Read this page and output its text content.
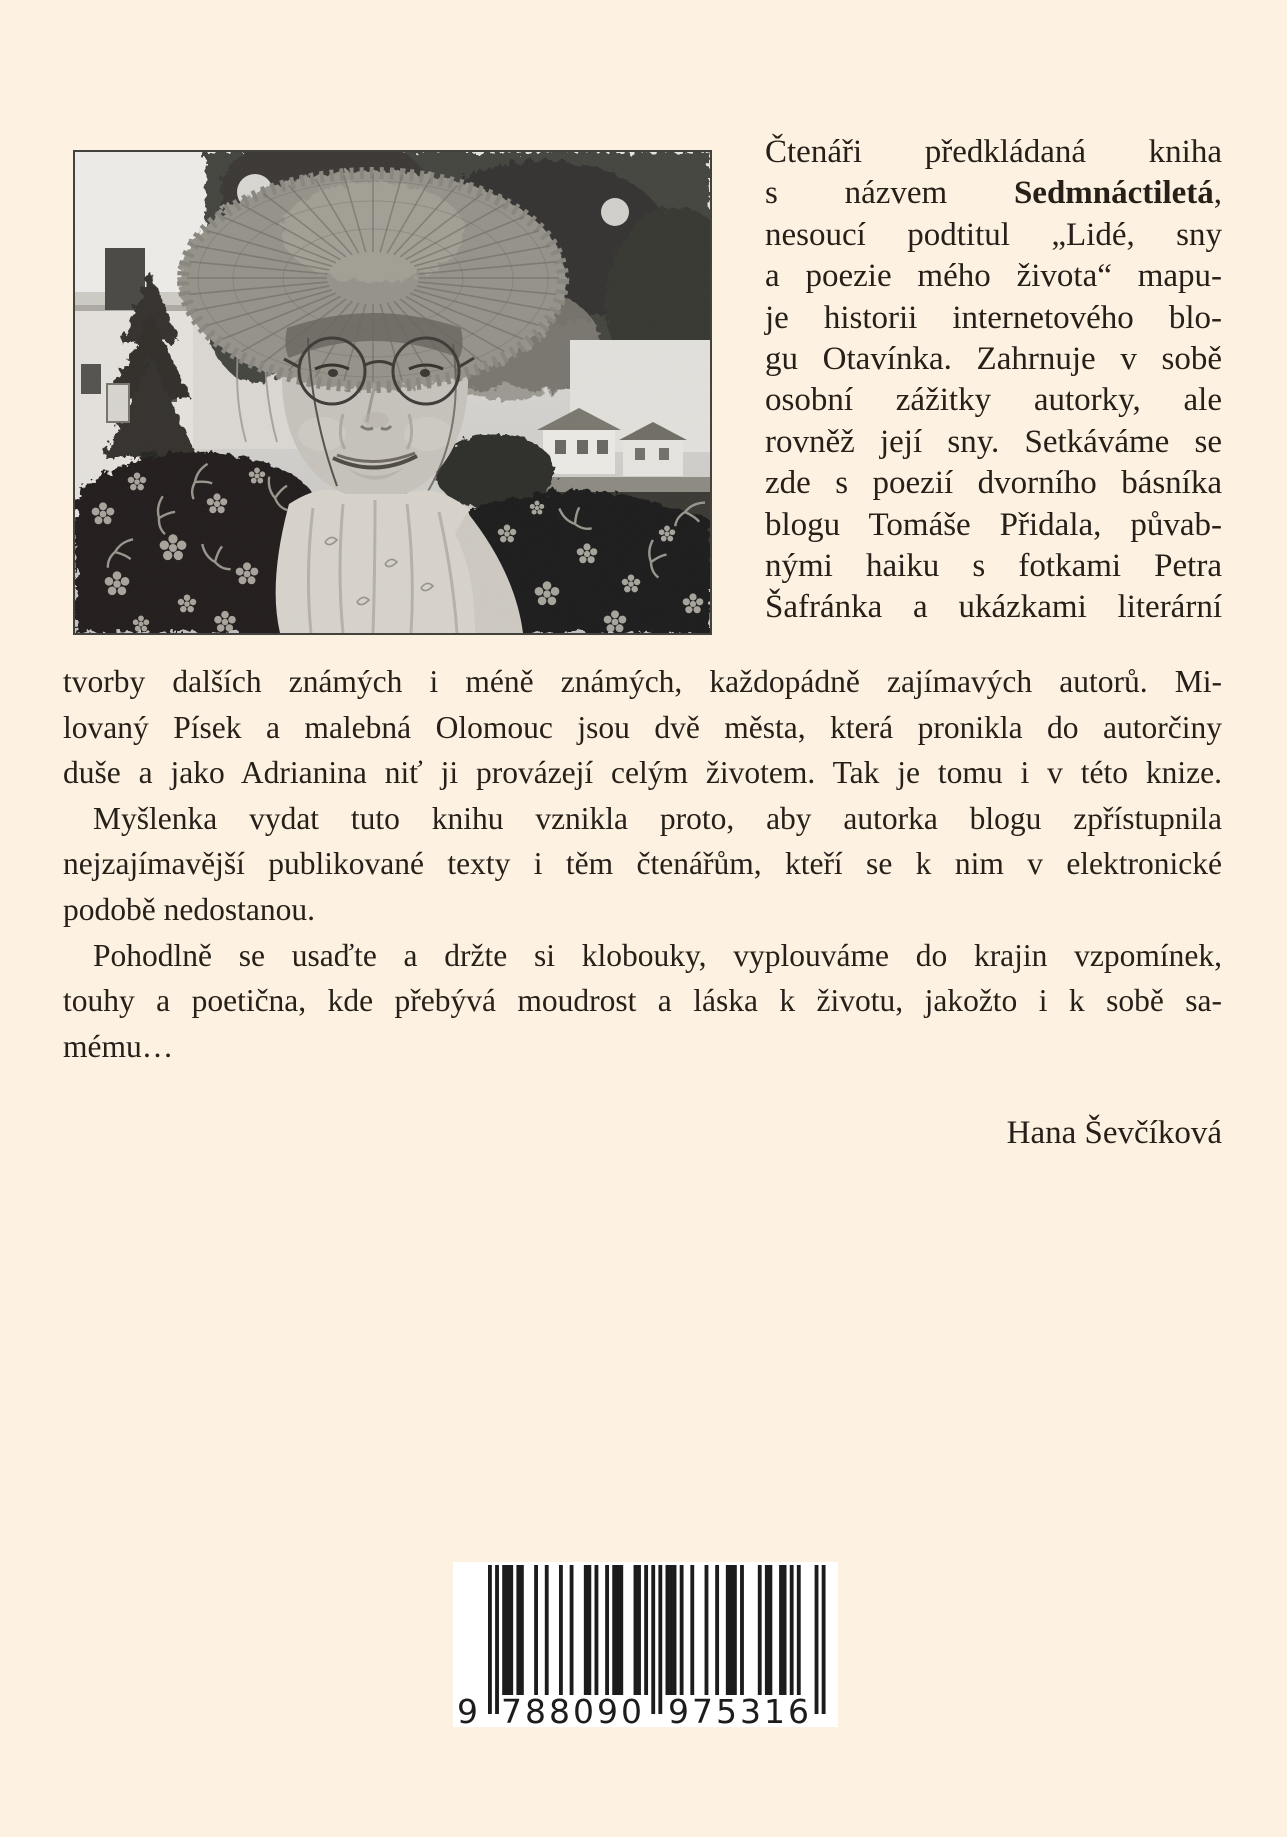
Čtenáři předkládaná kniha
s názvem Sedmnáctiletá,
nesoucí podtitul „Lidé, sny
a poezie mého života“ mapu-
je historii internetového blo-
gu Otavínka. Zahrnuje v sobě
osobní zážitky autorky, ale
rovněž její sny. Setkáváme se
zde s poezií dvorního básníka
blogu Tomáše Přidala, půvab-
nými haiku s fotkami Petra
Šafránka a ukázkami literární
tvorby dalších známých i méně známých, každopádně zajímavých autorů. Mi-
lovaný Písek a malebná Olomouc jsou dvě města, která pronikla do autorčiny
duše a jako Adrianina niť ji provázejí celým životem. Tak je tomu i v této knize.
Myšlenka vydat tuto knihu vznikla proto, aby autorka blogu zpřístupnila
nejzajímavější publikované texty i těm čtenářům, kteří se k nim v elektronické
podobě nedostanou.
Pohodlně se usaďte a držte si klobouky, vyplouváme do krajin vzpomínek,
touhy a poetična, kde přebývá moudrost a láska k životu, jakožto i k sobě sa-
mému…
Hana Ševčíková
9 788090 975316
